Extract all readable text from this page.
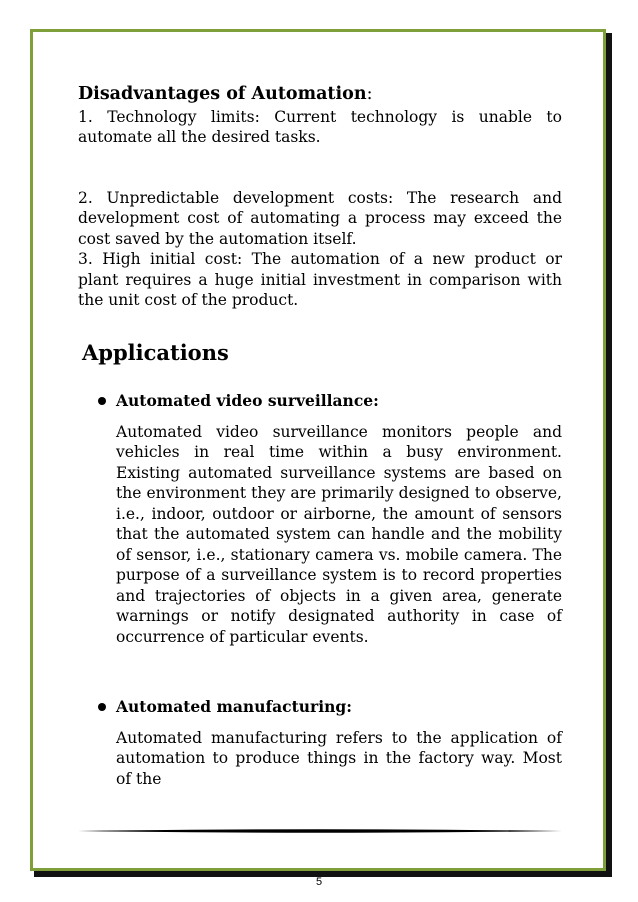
Disadvantages of Automation:
1. Technology limits: Current technology is unable to automate all the desired tasks.
2. Unpredictable development costs: The research and development cost of automating a process may exceed the cost saved by the automation itself.
3. High initial cost: The automation of a new product or plant requires a huge initial investment in comparison with the unit cost of the product.
Applications
Automated video surveillance:
Automated video surveillance monitors people and vehicles in real time within a busy environment. Existing automated surveillance systems are based on the environment they are primarily designed to observe, i.e., indoor, outdoor or airborne, the amount of sensors that the automated system can handle and the mobility of sensor, i.e., stationary camera vs. mobile camera. The purpose of a surveillance system is to record properties and trajectories of objects in a given area, generate warnings or notify designated authority in case of occurrence of particular events.
Automated manufacturing:
Automated manufacturing refers to the application of automation to produce things in the factory way. Most of the
5
